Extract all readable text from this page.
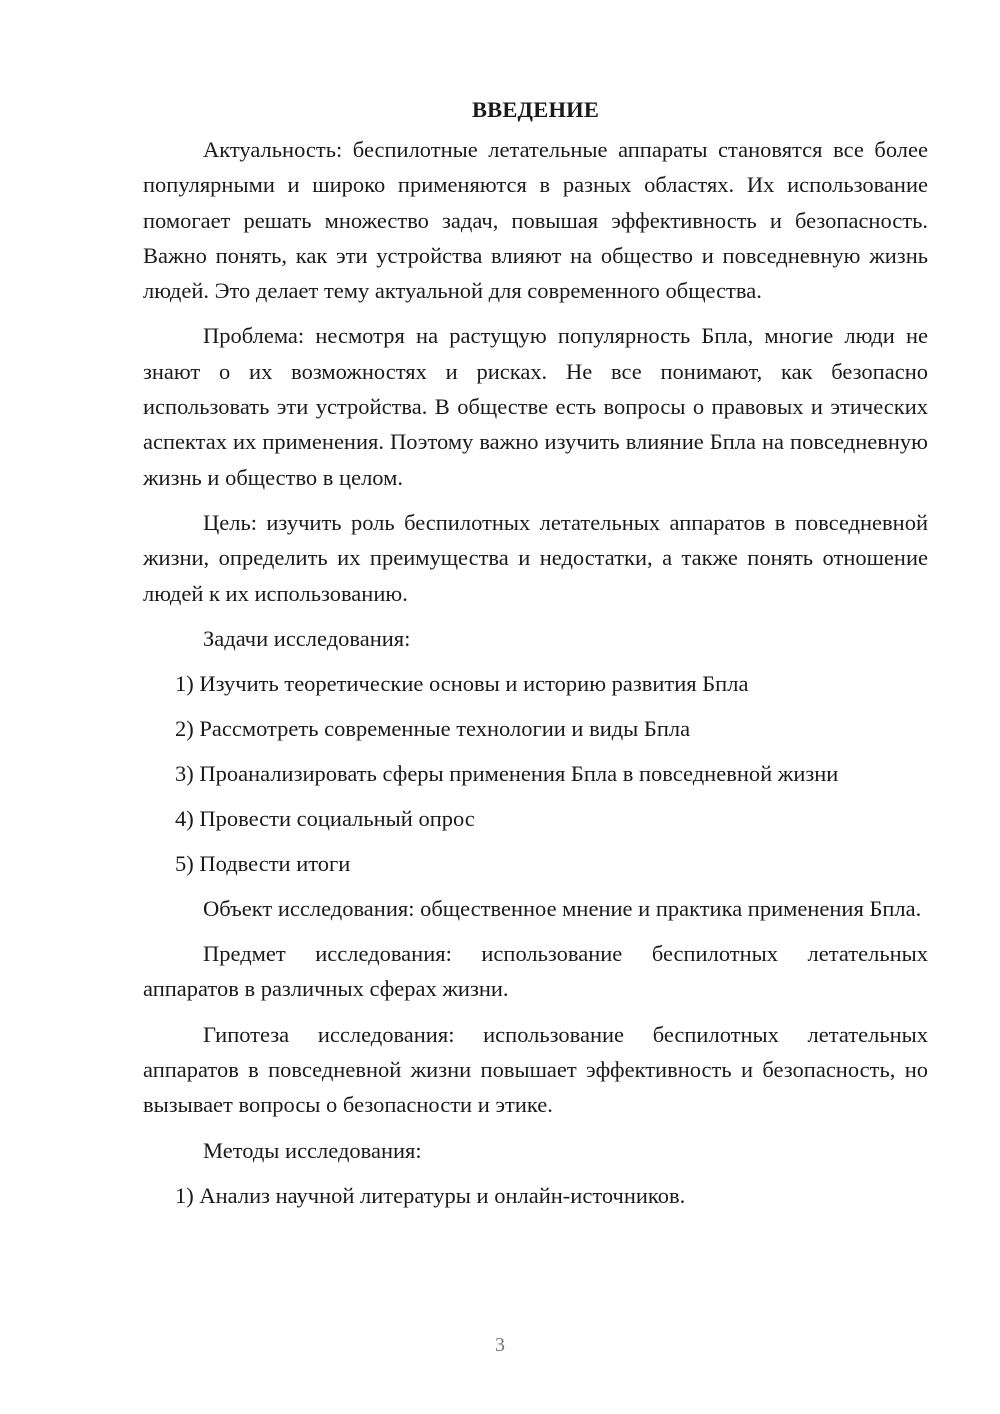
ВВЕДЕНИЕ

Актуальность: беспилотные летательные аппараты становятся все более популярными и широко применяются в разных областях. Их использование помогает решать множество задач, повышая эффективность и безопасность. Важно понять, как эти устройства влияют на общество и повседневную жизнь людей. Это делает тему актуальной для современного общества.

Проблема: несмотря на растущую популярность Бпла, многие люди не знают о их возможностях и рисках. Не все понимают, как безопасно использовать эти устройства. В обществе есть вопросы о правовых и этических аспектах их применения. Поэтому важно изучить влияние Бпла на повседневную жизнь и общество в целом.

Цель: изучить роль беспилотных летательных аппаратов в повседневной жизни, определить их преимущества и недостатки, а также понять отношение людей к их использованию.

Задачи исследования:

1) Изучить теоретические основы и историю развития Бпла

2) Рассмотреть современные технологии и виды Бпла

3) Проанализировать сферы применения Бпла в повседневной жизни

4) Провести социальный опрос

5) Подвести итоги

Объект исследования: общественное мнение и практика применения Бпла.

Предмет исследования: использование беспилотных летательных аппаратов в различных сферах жизни.

Гипотеза исследования: использование беспилотных летательных аппаратов в повседневной жизни повышает эффективность и безопасность, но вызывает вопросы о безопасности и этике.

Методы исследования:

1) Анализ научной литературы и онлайн-источников.

3
